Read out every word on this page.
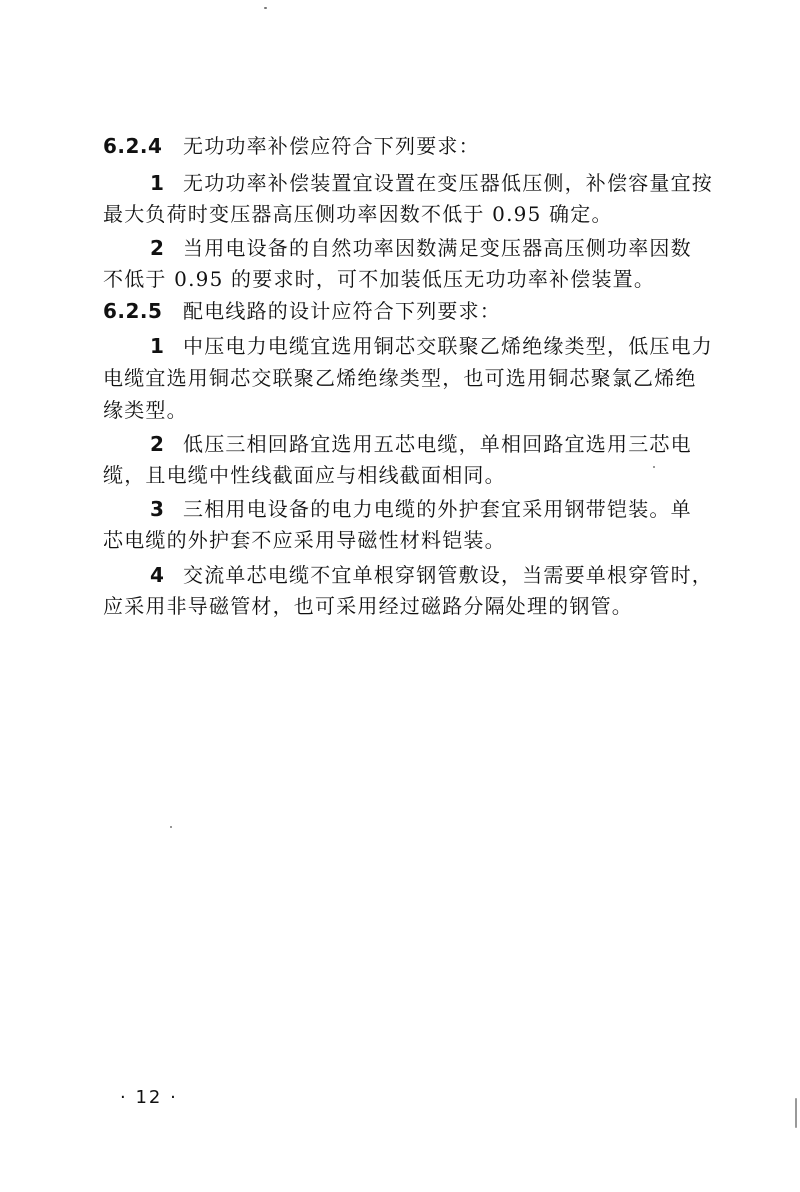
6.2.4 无功功率补偿应符合下列要求：
1 无功功率补偿装置宜设置在变压器低压侧，补偿容量宜按
最大负荷时变压器高压侧功率因数不低于 0.95 确定。
2 当用电设备的自然功率因数满足变压器高压侧功率因数
不低于 0.95 的要求时，可不加装低压无功功率补偿装置。
6.2.5 配电线路的设计应符合下列要求：
1 中压电力电缆宜选用铜芯交联聚乙烯绝缘类型，低压电力
电缆宜选用铜芯交联聚乙烯绝缘类型，也可选用铜芯聚氯乙烯绝
缘类型。
2 低压三相回路宜选用五芯电缆，单相回路宜选用三芯电
缆，且电缆中性线截面应与相线截面相同。
3 三相用电设备的电力电缆的外护套宜采用钢带铠装。单
芯电缆的外护套不应采用导磁性材料铠装。
4 交流单芯电缆不宜单根穿钢管敷设，当需要单根穿管时，
应采用非导磁管材，也可采用经过磁路分隔处理的钢管。
· 12 ·
